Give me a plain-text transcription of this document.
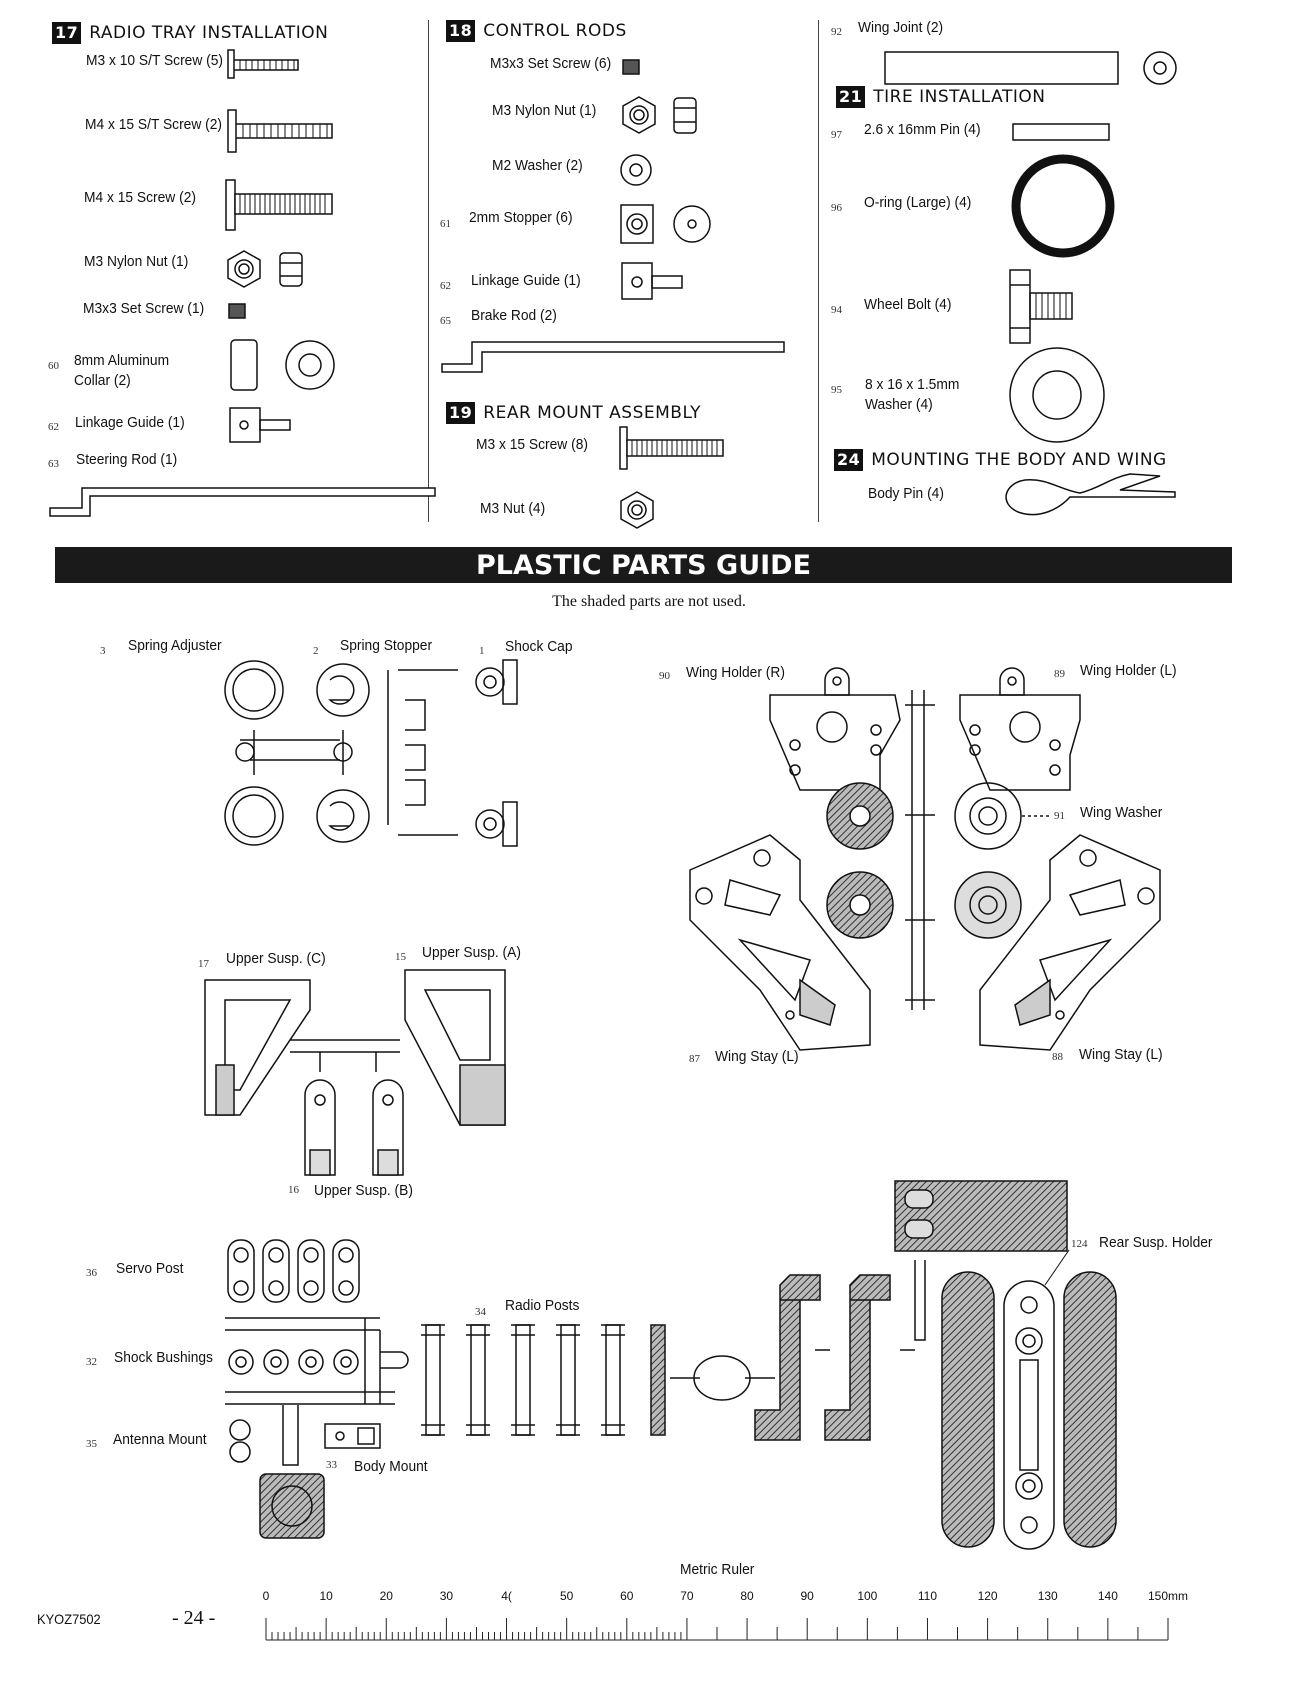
17 RADIO TRAY INSTALLATION
M3 x 10 S/T Screw (5)
M4 x 15 S/T Screw (2)
M4 x 15 Screw (2)
M3 Nylon Nut (1)
M3x3 Set Screw (1)
60 8mm Aluminum
Collar (2)
62 Linkage Guide (1)
63 Steering Rod (1)
18 CONTROL RODS
M3x3 Set Screw (6)
M3 Nylon Nut (1)
M2 Washer (2)
61 2mm Stopper (6)
62 Linkage Guide (1)
65 Brake Rod (2)
19 REAR MOUNT ASSEMBLY
M3 x 15 Screw (8)
M3 Nut (4)
92 Wing Joint (2)
21 TIRE INSTALLATION
97 2.6 x 16mm Pin (4)
96 O-ring (Large) (4)
94 Wheel Bolt (4)
95 8 x 16 x 1.5mm
Washer (4)
24 MOUNTING THE BODY AND WING
Body Pin (4)
PLASTIC PARTS GUIDE
The shaded parts are not used.
3 Spring Adjuster	2 Spring Stopper	1 Shock Cap
90 Wing Holder (R)	89 Wing Holder (L)
91 Wing Washer
87 Wing Stay (L)	88 Wing Stay (L)
17 Upper Susp. (C)	15 Upper Susp. (A)
16 Upper Susp. (B)
36 Servo Post
32 Shock Bushings
35 Antenna Mount
34 Radio Posts
33 Body Mount
124 Rear Susp. Holder
Metric Ruler
0	10	20	30	4(	50	60	70	80	90	100	110	120	130	140	150mm
KYOZ7502	- 24 -
